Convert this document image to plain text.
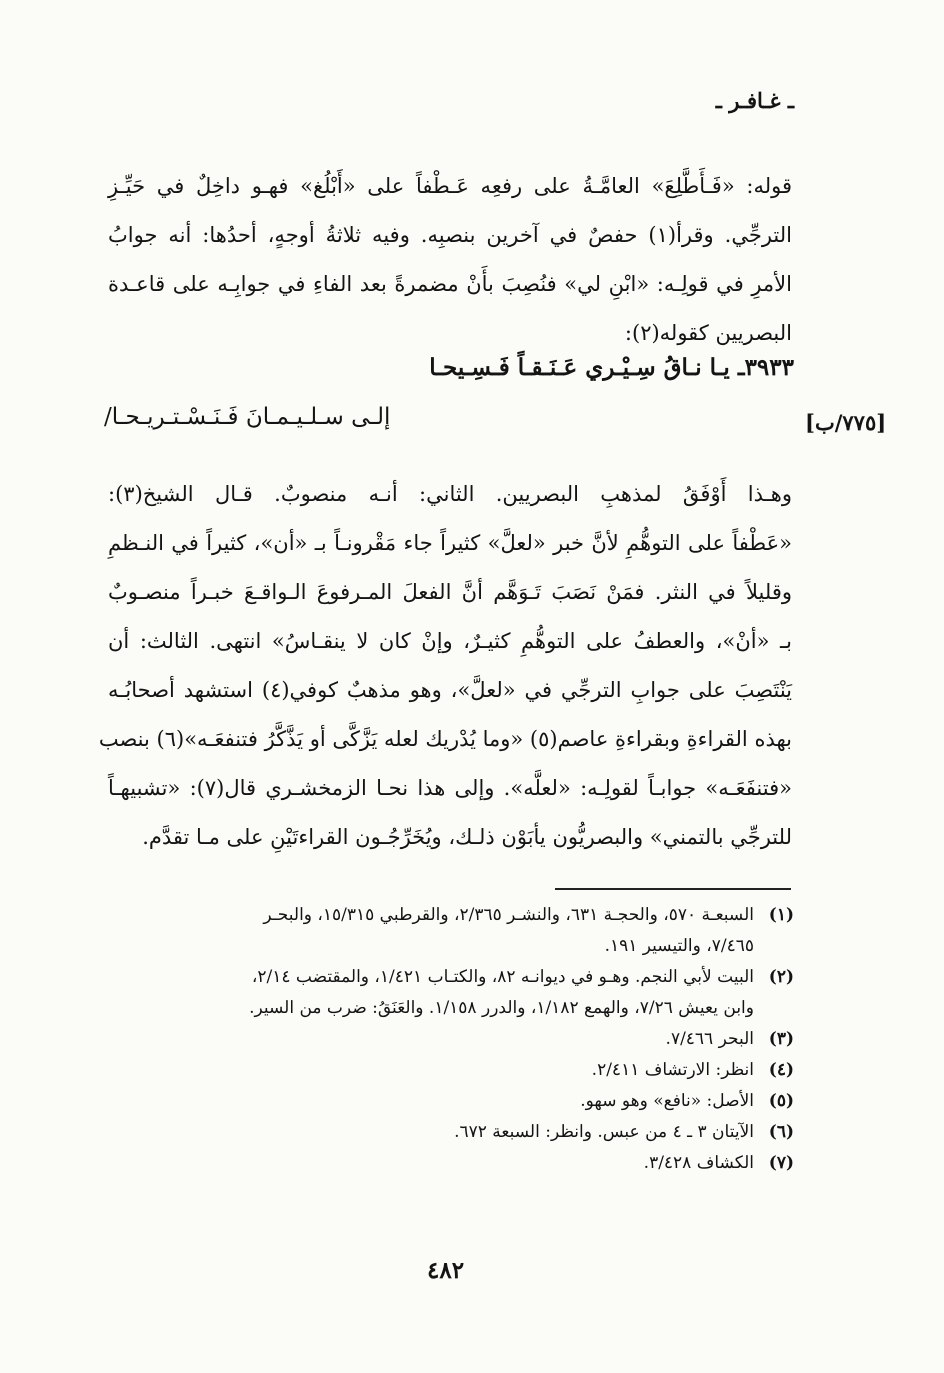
ـ غـافـر ـ
قوله: «فَـأَطَّلِعَ» العامَّـةُ على رفعِه عَـطْفاً على «أَبْلُغ» فهـو داخِلٌ في حَيِّـزِ
الترجِّي. وقرأ(١) حفصٌ في آخرين بنصبِه. وفيه ثلاثةُ أوجهٍ، أحدُها: أنه جوابُ
الأمرِ في قولِـه: «ابْنِ لي» فنُصِبَ بأَنْ مضمرةً بعد الفاءِ في جوابِـه على قاعـدة
البصريين كقوله(٢):
٣٩٣٣ـ يـا نـاقُ سِـيْـري عَـنَـقـاً فَـسِـيحـا
إلـى سـلـيـمـانَ فَـنَـسْـتـريـحـا/	[٧٧٥/ب]
وهـذا أَوْفَقُ لمذهبِ البصريين. الثاني: أنـه منصوبٌ. قـال الشيخ(٣):
«عَطْفاً على التوهُّمِ لأنَّ خبر «لعلَّ» كثيراً جاء مَقْرونـاً بـ «أن»، كثيراً في النـظمِ
وقليلاً في النثر. فمَنْ نَصَبَ تَـوَهَّم أنَّ الفعلَ المـرفوعَ الـواقـعَ خبـراً منصـوبٌ
بـ «أنْ»، والعطفُ على التوهُّمِ كثيـرٌ، وإنْ كان لا ينقـاسُ» انتهى. الثالث: أن
يَنْتَصِبَ على جوابِ الترجِّي في «لعلَّ»، وهو مذهبٌ كوفي(٤) استشهد أصحابُـه
بهذه القراءةِ وبقراءةِ عاصم(٥) «وما يُدْريك لعله يَزَّكَّى أو يَذَّكَّرُ فتنفعَـه»(٦) بنصب
«فتنفَعَـه» جوابـاً لقولِـه: «لعلَّه». وإلى هذا نحـا الزمخشـري قال(٧): «تشبيهـاً
للترجِّي بالتمني» والبصريُّون يأبَوْن ذلـك، ويُخَرِّجُـون القراءتَيْنِ على مـا تقدَّم.
(١)السبعـة ٥٧٠، والحجـة ٦٣١، والنشـر ٢/٣٦٥، والقرطبي ١٥/٣١٥، والبحـر
٧/٤٦٥، والتيسير ١٩١.
(٢)البيت لأبي النجم. وهـو في ديوانـه ٨٢، والكتـاب ١/٤٢١، والمقتضب ٢/١٤،
وابن يعيش ٧/٢٦، والهمع ١/١٨٢، والدرر ١/١٥٨. والعَنَقُ: ضرب من السير.
(٣)البحر ٧/٤٦٦.
(٤)انظر: الارتشاف ٢/٤١١.
(٥)الأصل: «نافع» وهو سهو.
(٦)الآيتان ٣ ـ ٤ من عبس. وانظر: السبعة ٦٧٢.
(٧)الكشاف ٣/٤٢٨.
٤٨٢
